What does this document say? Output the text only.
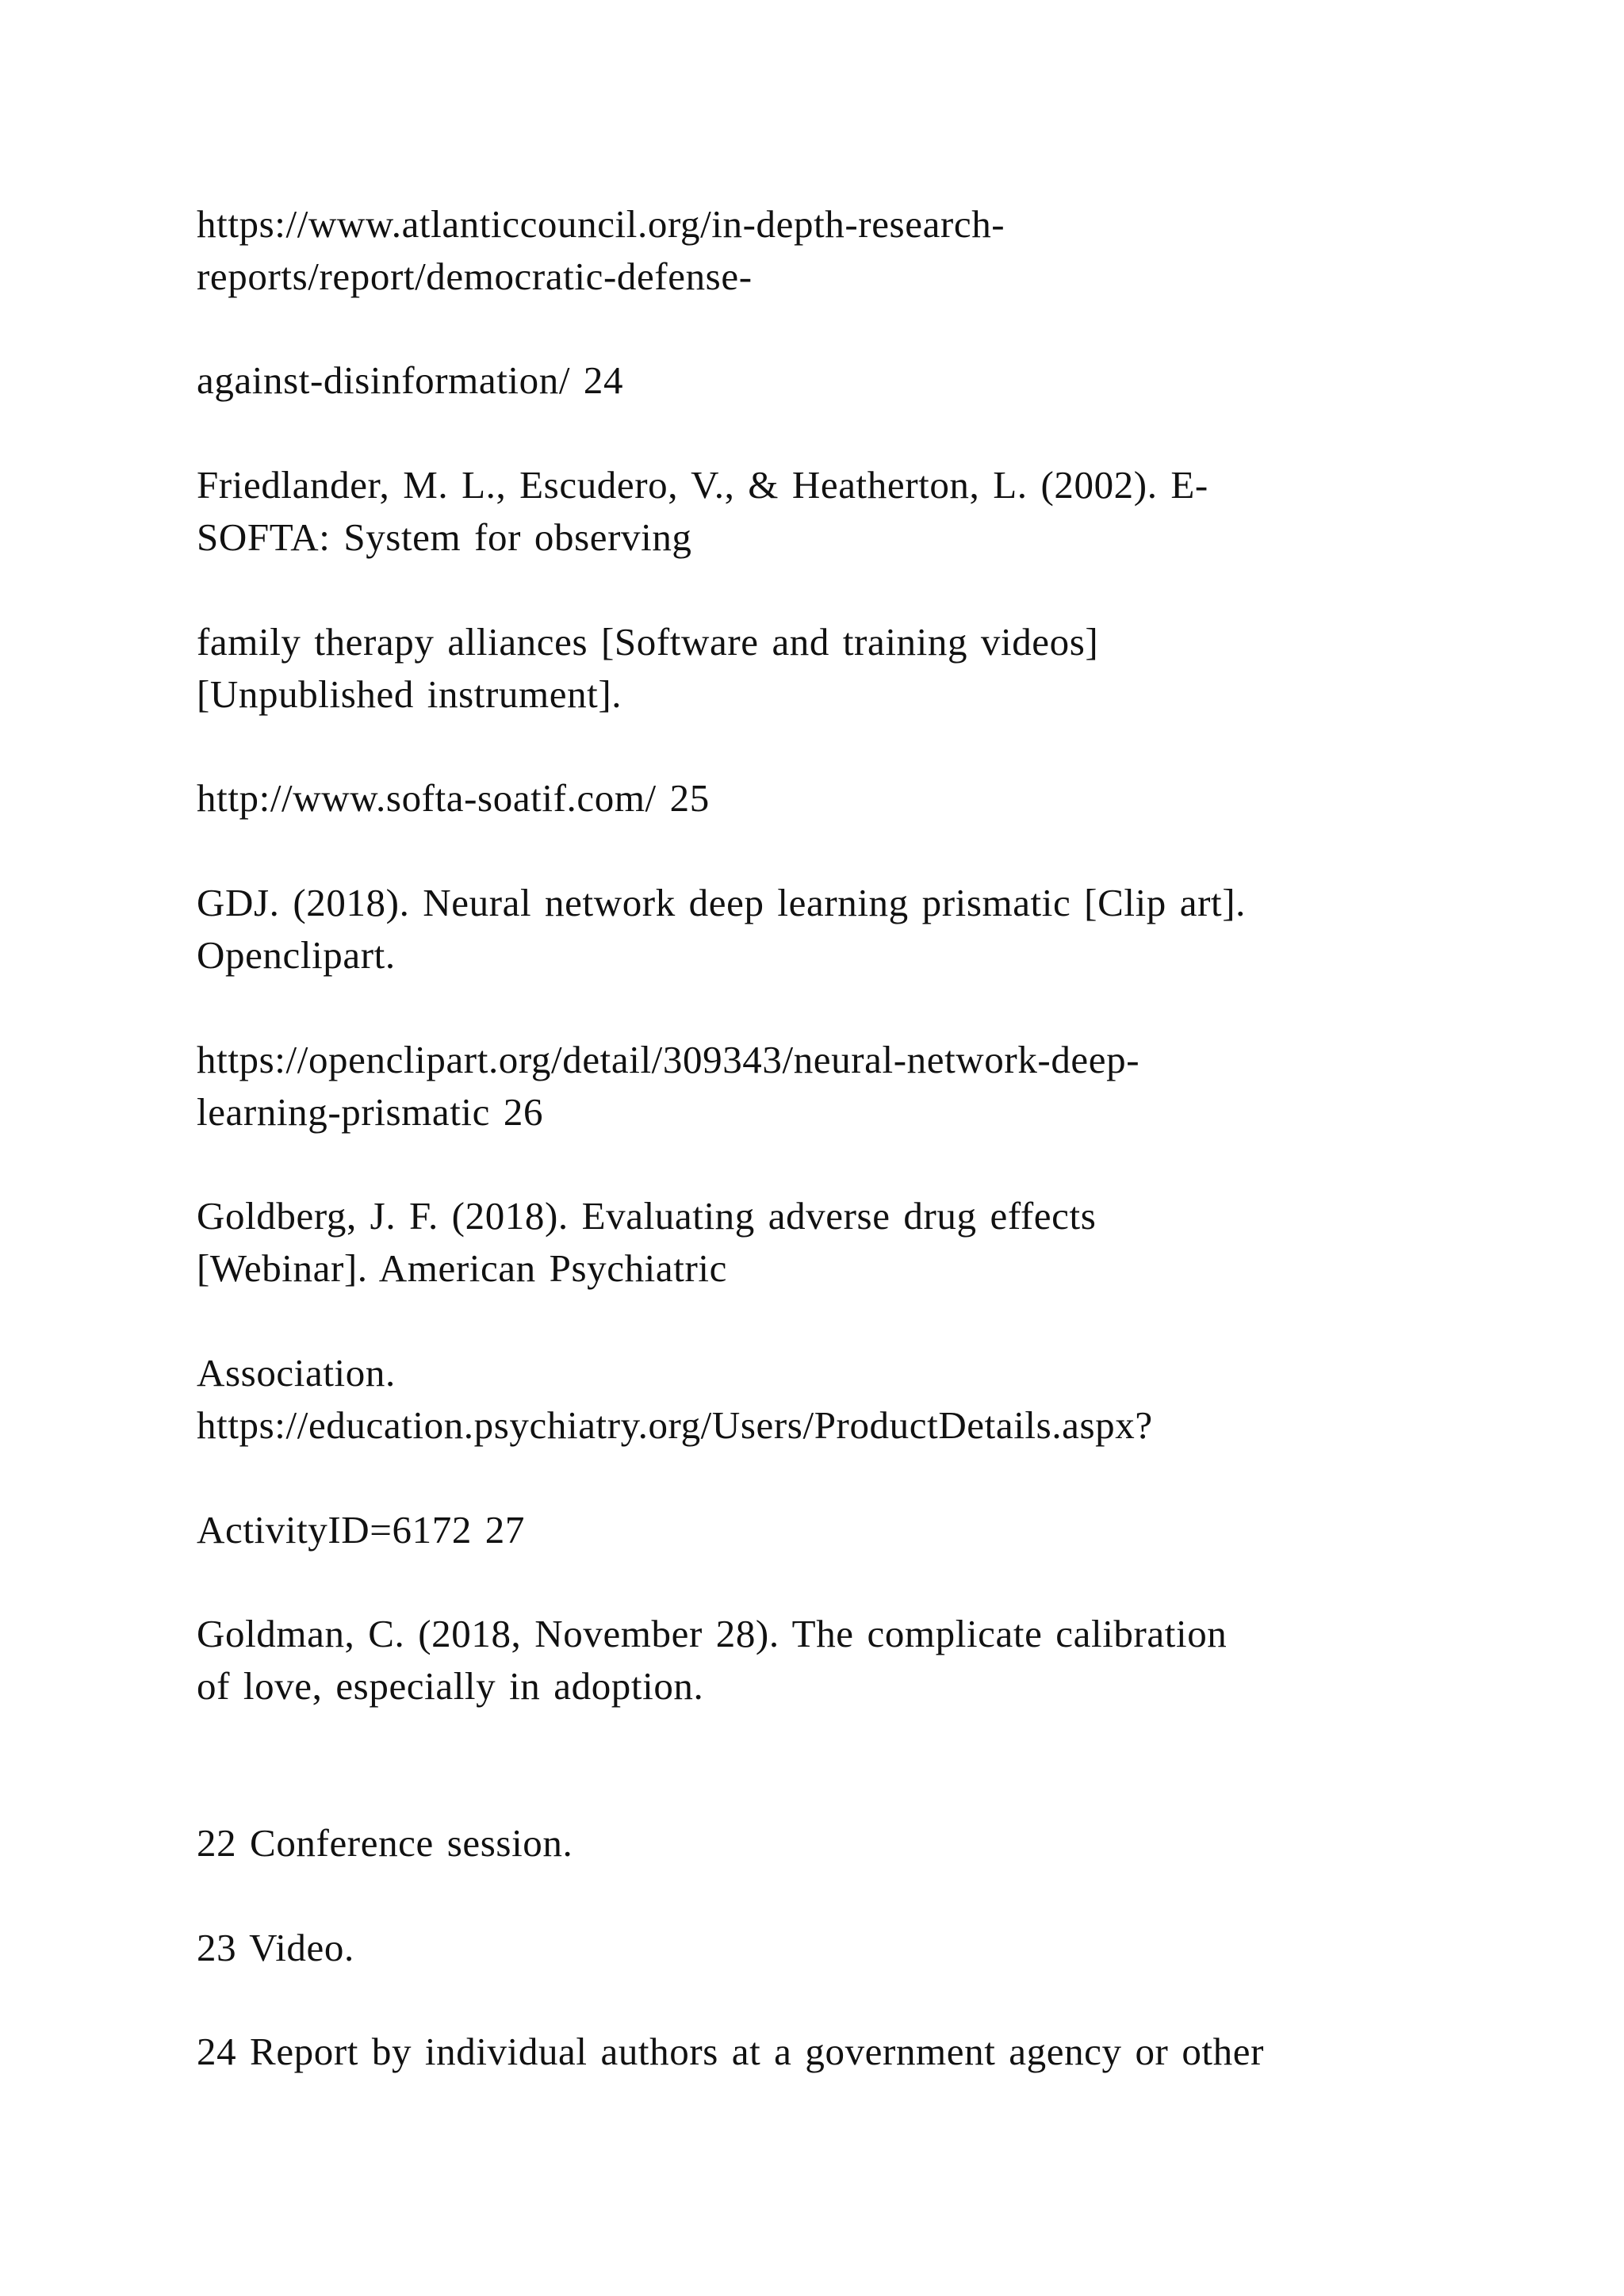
https://www.atlanticcouncil.org/in-depth-research-
reports/report/democratic-defense-
against-disinformation/ 24
Friedlander, M. L., Escudero, V., & Heatherton, L. (2002). E-
SOFTA: System for observing
family therapy alliances [Software and training videos]
[Unpublished instrument].
http://www.softa-soatif.com/ 25
GDJ. (2018). Neural network deep learning prismatic [Clip art].
Openclipart.
https://openclipart.org/detail/309343/neural-network-deep-
learning-prismatic 26
Goldberg, J. F. (2018). Evaluating adverse drug effects
[Webinar]. American Psychiatric
Association.
https://education.psychiatry.org/Users/ProductDetails.aspx?
ActivityID=6172 27
Goldman, C. (2018, November 28). The complicate calibration
of love, especially in adoption.
22 Conference session.
23 Video.
24 Report by individual authors at a government agency or other
